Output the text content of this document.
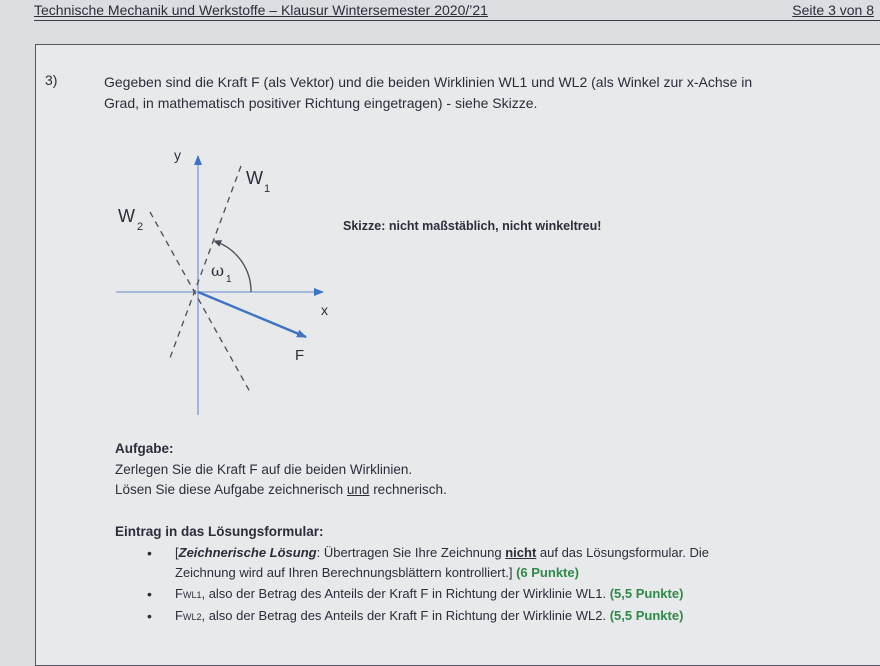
Technische Mechanik und Werkstoffe – Klausur Wintersemester 2020/’21	Seite 3 von 8
3)	Gegeben sind die Kraft F (als Vektor) und die beiden Wirklinien WL1 und WL2 (als Winkel zur x-Achse in
Grad, in mathematisch positiver Richtung eingetragen) - siehe Skizze.
y
x
W
1
W
2
ω 1
F
Skizze: nicht maßstäblich, nicht winkeltreu!
Aufgabe:
Zerlegen Sie die Kraft F auf die beiden Wirklinien.
Lösen Sie diese Aufgabe zeichnerisch und rechnerisch.
Eintrag in das Lösungsformular:
• [Zeichnerische Lösung: Übertragen Sie Ihre Zeichnung nicht auf das Lösungsformular. Die
Zeichnung wird auf Ihren Berechnungsblättern kontrolliert.] (6 Punkte)
• FWL1, also der Betrag des Anteils der Kraft F in Richtung der Wirklinie WL1. (5,5 Punkte)
• FWL2, also der Betrag des Anteils der Kraft F in Richtung der Wirklinie WL2. (5,5 Punkte)
